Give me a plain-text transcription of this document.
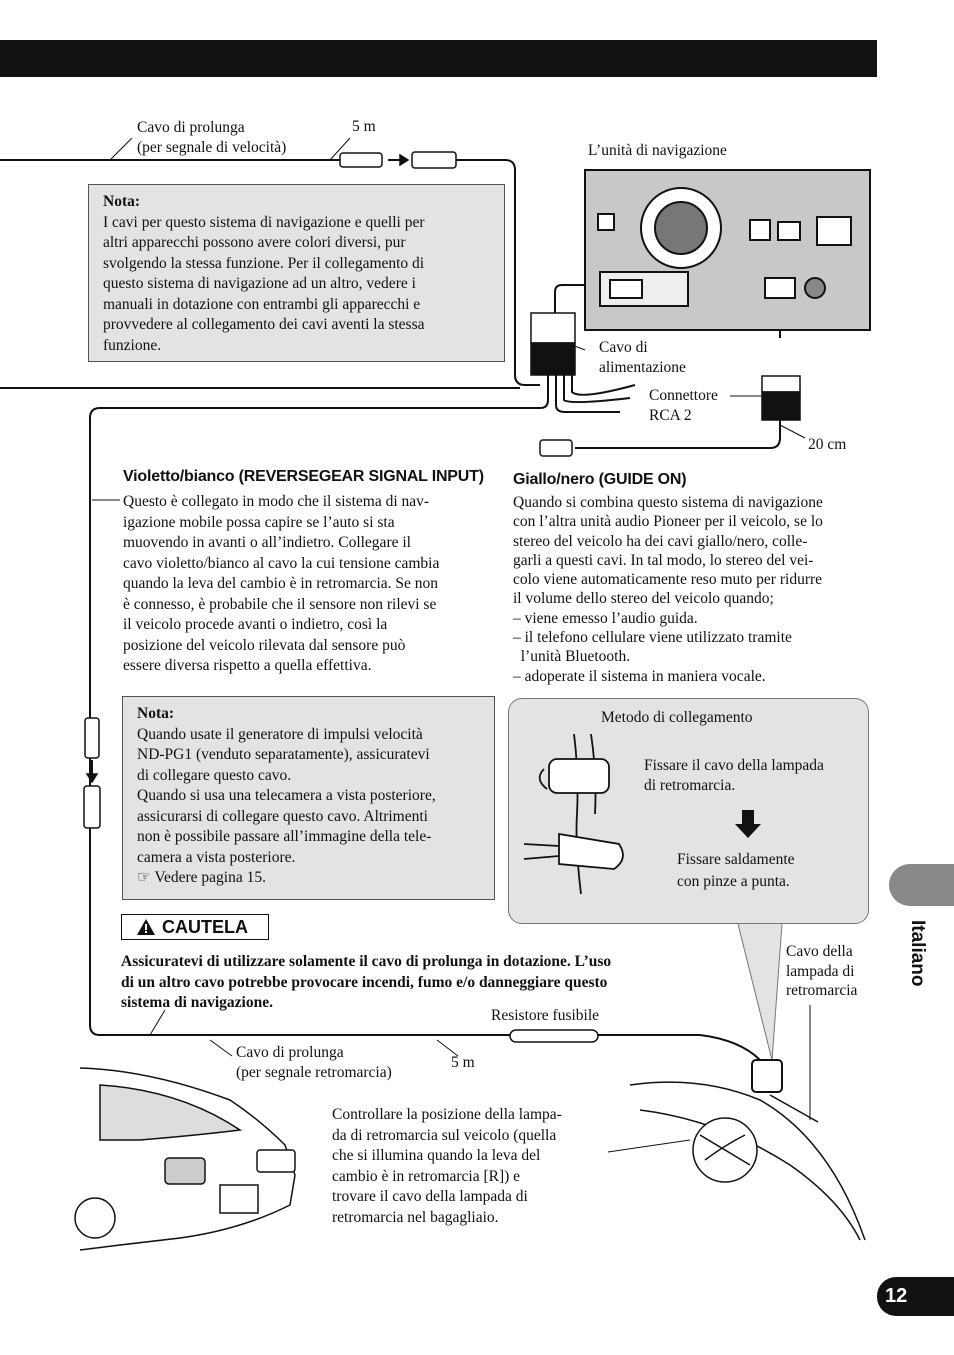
Cavo di prolunga
(per segnale di velocità)
5 m
L’unità di navigazione
Nota:
I cavi per questo sistema di navigazione e quelli per
altri apparecchi possono avere colori diversi, pur
svolgendo la stessa funzione. Per il collegamento di
questo sistema di navigazione ad un altro, vedere i
manuali in dotazione con entrambi gli apparecchi e
provvedere al collegamento dei cavi aventi la stessa
funzione.	Cavo di
alimentazione
Connettore
RCA 2
20 cm
Violetto/bianco (REVERSEGEAR SIGNAL INPUT)
Questo è collegato in modo che il sistema di nav-
igazione mobile possa capire se l’auto si sta
muovendo in avanti o all’indietro. Collegare il
cavo violetto/bianco al cavo la cui tensione cambia
quando la leva del cambio è in retromarcia. Se non
è connesso, è probabile che il sensore non rilevi se
il veicolo procede avanti o indietro, così la
posizione del veicolo rilevata dal sensore può
essere diversa rispetto a quella effettiva.
Giallo/nero (GUIDE ON)
Quando si combina questo sistema di navigazione
con l’altra unità audio Pioneer per il veicolo, se lo
stereo del veicolo ha dei cavi giallo/nero, colle-
garli a questi cavi. In tal modo, lo stereo del vei-
colo viene automaticamente reso muto per ridurre
il volume dello stereo del veicolo quando;
– viene emesso l’audio guida.
– il telefono cellulare viene utilizzato tramite
l’unità Bluetooth.
– adoperate il sistema in maniera vocale.
Nota:
Quando usate il generatore di impulsi velocità
ND-PG1 (venduto separatamente), assicuratevi
di collegare questo cavo.
Quando si usa una telecamera a vista posteriore,
assicurarsi di collegare questo cavo. Altrimenti
non è possibile passare all’immagine della tele-
camera a vista posteriore.
☞ Vedere pagina 15.
Metodo di collegamento
Fissare il cavo della lampada
di retromarcia.
Fissare saldamente
con pinze a punta.
CAUTELA
Assicuratevi di utilizzare solamente il cavo di prolunga in dotazione. L’uso
di un altro cavo potrebbe provocare incendi, fumo e/o danneggiare questo
sistema di navigazione.
Cavo della
lampada di
retromarcia
Resistore fusibile
Cavo di prolunga
(per segnale retromarcia)
5 m
Controllare la posizione della lampa-
da di retromarcia sul veicolo (quella
che si illumina quando la leva del
cambio è in retromarcia [R]) e
trovare il cavo della lampada di
retromarcia nel bagagliaio.
Italiano
12
